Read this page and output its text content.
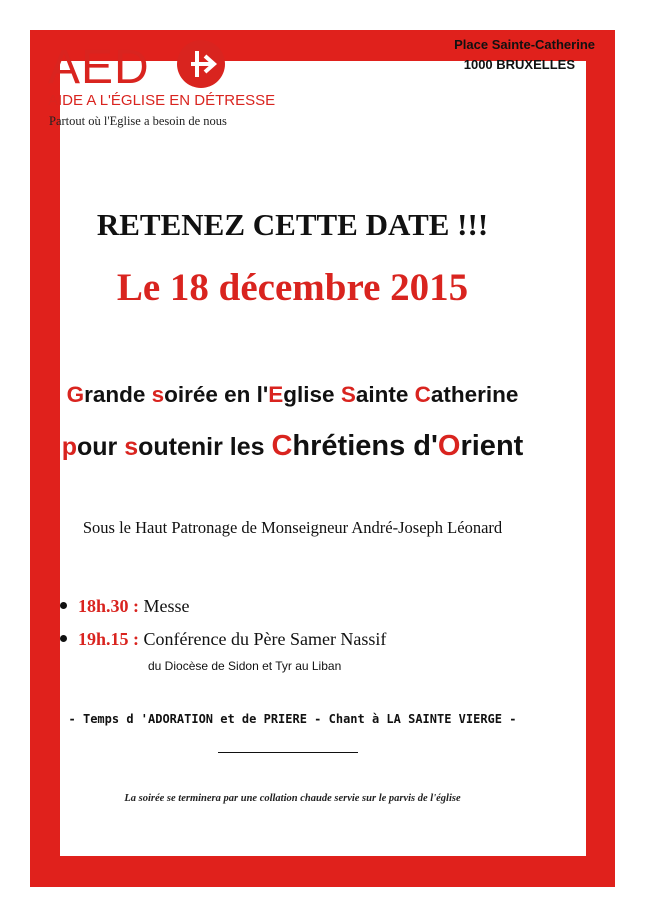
AED
AIDE A L'ÉGLISE EN DÉTRESSE
Partout où l'Eglise a besoin de nous
Place Sainte-Catherine
1000 BRUXELLES
RETENEZ CETTE DATE !!!
Le 18 décembre 2015
Grande soirée en l'Eglise Sainte Catherine
pour soutenir les Chrétiens d'Orient
Sous le Haut Patronage de Monseigneur André-Joseph Léonard
18h.30 : Messe
19h.15 : Conférence du Père Samer Nassif
du Diocèse de Sidon et Tyr au Liban
- Temps d 'ADORATION et de PRIERE - Chant à LA SAINTE VIERGE -
La soirée se terminera par une collation chaude servie sur le parvis de l'église
